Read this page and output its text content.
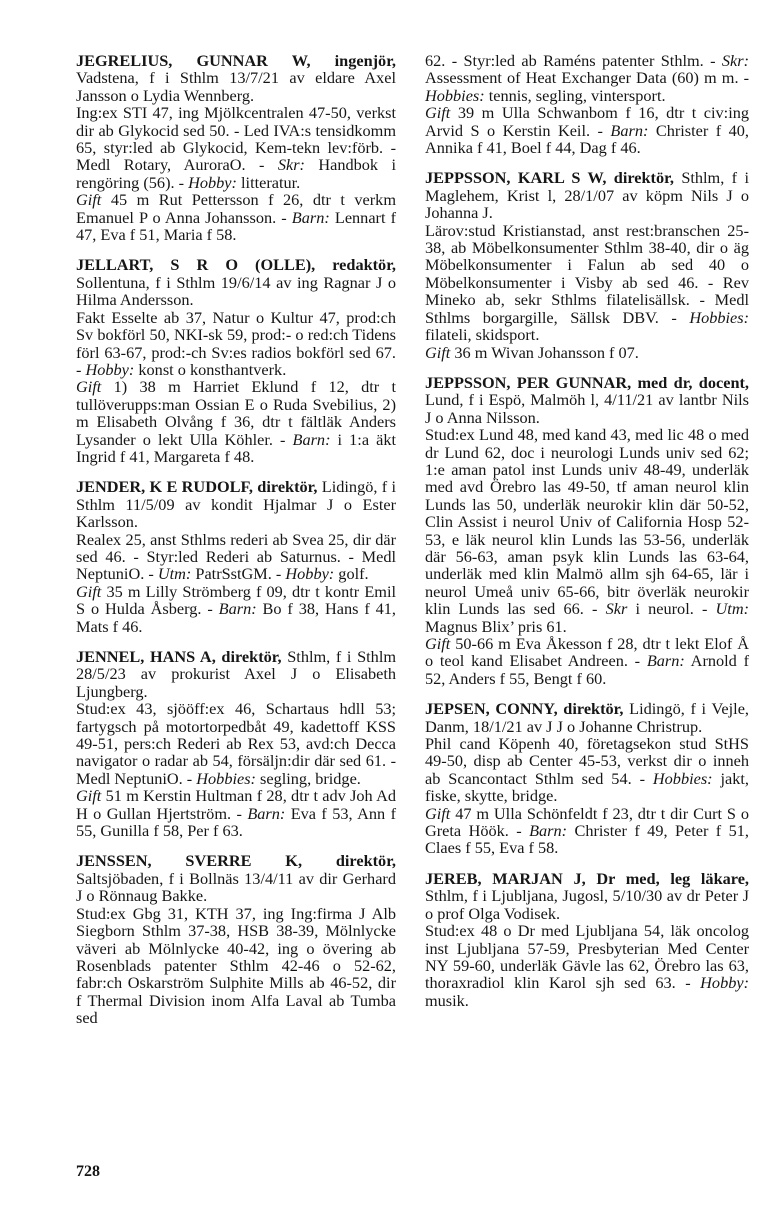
JEGRELIUS, GUNNAR W, ingenjör, Vadstena, f i Sthlm 13/7/21 av eldare Axel Jansson o Lydia Wennberg.

Ing:ex STI 47, ing Mjölkcentralen 47-50, verkst dir ab Glykocid sed 50. - Led IVA:s tensidkomm 65, styr:led ab Glykocid, Kem-tekn lev:förb. - Medl Rotary, AuroraO. - Skr: Handbok i rengöring (56). - Hobby: litteratur.

Gift 45 m Rut Pettersson f 26, dtr t verkm Emanuel P o Anna Johansson. - Barn: Lennart f 47, Eva f 51, Maria f 58.

JELLART, S R O (OLLE), redaktör, Sollentuna, f i Sthlm 19/6/14 av ing Ragnar J o Hilma Andersson.

Fakt Esselte ab 37, Natur o Kultur 47, prod:ch Sv bokförl 50, NKI-sk 59, prod:- o red:ch Tidens förl 63-67, prod:-ch Sv:es radios bokförl sed 67. - Hobby: konst o konsthantverk.

Gift 1) 38 m Harriet Eklund f 12, dtr t tullöverupps:man Ossian E o Ruda Svebilius, 2) m Elisabeth Olvång f 36, dtr t fältläk Anders Lysander o lekt Ulla Köhler. - Barn: i 1:a äkt Ingrid f 41, Margareta f 48.

JENDER, K E RUDOLF, direktör, Lidingö, f i Sthlm 11/5/09 av kondit Hjalmar J o Ester Karlsson.

Realex 25, anst Sthlms rederi ab Svea 25, dir där sed 46. - Styr:led Rederi ab Saturnus. - Medl NeptuniO. - Utm: PatrSstGM. - Hobby: golf.

Gift 35 m Lilly Strömberg f 09, dtr t kontr Emil S o Hulda Åsberg. - Barn: Bo f 38, Hans f 41, Mats f 46.

JENNEL, HANS A, direktör, Sthlm, f i Sthlm 28/5/23 av prokurist Axel J o Elisabeth Ljungberg.

Stud:ex 43, sjööff:ex 46, Schartaus hdll 53; fartygsch på motortorpedbåt 49, kadettoff KSS 49-51, pers:ch Rederi ab Rex 53, avd:ch Decca navigator o radar ab 54, försäljn:dir där sed 61. - Medl NeptuniO. - Hobbies: segling, bridge.

Gift 51 m Kerstin Hultman f 28, dtr t adv Joh Ad H o Gullan Hjertström. - Barn: Eva f 53, Ann f 55, Gunilla f 58, Per f 63.

JENSSEN, SVERRE K, direktör, Saltsjöbaden, f i Bollnäs 13/4/11 av dir Gerhard J o Rönnaug Bakke.

Stud:ex Gbg 31, KTH 37, ing Ing:firma J Alb Siegborn Sthlm 37-38, HSB 38-39, Mölnlycke väveri ab Mölnlycke 40-42, ing o övering ab Rosenblads patenter Sthlm 42-46 o 52-62, fabr:ch Oskarström Sulphite Mills ab 46-52, dir f Thermal Division inom Alfa Laval ab Tumba sed

62. - Styr:led ab Raméns patenter Sthlm. - Skr: Assessment of Heat Exchanger Data (60) m m. - Hobbies: tennis, segling, vintersport.

Gift 39 m Ulla Schwanbom f 16, dtr t civ:ing Arvid S o Kerstin Keil. - Barn: Christer f 40, Annika f 41, Boel f 44, Dag f 46.

JEPPSSON, KARL S W, direktör, Sthlm, f i Maglehem, Krist l, 28/1/07 av köpm Nils J o Johanna J.

Lärov:stud Kristianstad, anst rest:branschen 25-38, ab Möbelkonsumenter Sthlm 38-40, dir o äg Möbelkonsumenter i Falun ab sed 40 o Möbelkonsumenter i Visby ab sed 46. - Rev Mineko ab, sekr Sthlms filatelisällsk. - Medl Sthlms borgargille, Sällsk DBV. - Hobbies: filateli, skidsport.

Gift 36 m Wivan Johansson f 07.

JEPPSSON, PER GUNNAR, med dr, docent, Lund, f i Espö, Malmöh l, 4/11/21 av lantbr Nils J o Anna Nilsson.

Stud:ex Lund 48, med kand 43, med lic 48 o med dr Lund 62, doc i neurologi Lunds univ sed 62; 1:e aman patol inst Lunds univ 48-49, underläk med avd Örebro las 49-50, tf aman neurol klin Lunds las 50, underläk neurokir klin där 50-52, Clin Assist i neurol Univ of California Hosp 52-53, e läk neurol klin Lunds las 53-56, underläk där 56-63, aman psyk klin Lunds las 63-64, underläk med klin Malmö allm sjh 64-65, lär i neurol Umeå univ 65-66, bitr överläk neurokir klin Lunds las sed 66. - Skr i neurol. - Utm: Magnus Blix’ pris 61.

Gift 50-66 m Eva Åkesson f 28, dtr t lekt Elof Å o teol kand Elisabet Andreen. - Barn: Arnold f 52, Anders f 55, Bengt f 60.

JEPSEN, CONNY, direktör, Lidingö, f i Vejle, Danm, 18/1/21 av J J o Johanne Christrup.

Phil cand Köpenh 40, företagsekon stud StHS 49-50, disp ab Center 45-53, verkst dir o inneh ab Scancontact Sthlm sed 54. - Hobbies: jakt, fiske, skytte, bridge.

Gift 47 m Ulla Schönfeldt f 23, dtr t dir Curt S o Greta Höök. - Barn: Christer f 49, Peter f 51, Claes f 55, Eva f 58.

JEREB, MARJAN J, Dr med, leg läkare, Sthlm, f i Ljubljana, Jugosl, 5/10/30 av dr Peter J o prof Olga Vodisek.

Stud:ex 48 o Dr med Ljubljana 54, läk oncolog inst Ljubljana 57-59, Presbyterian Med Center NY 59-60, underläk Gävle las 62, Örebro las 63, thoraxradiol klin Karol sjh sed 63. - Hobby: musik.

728
